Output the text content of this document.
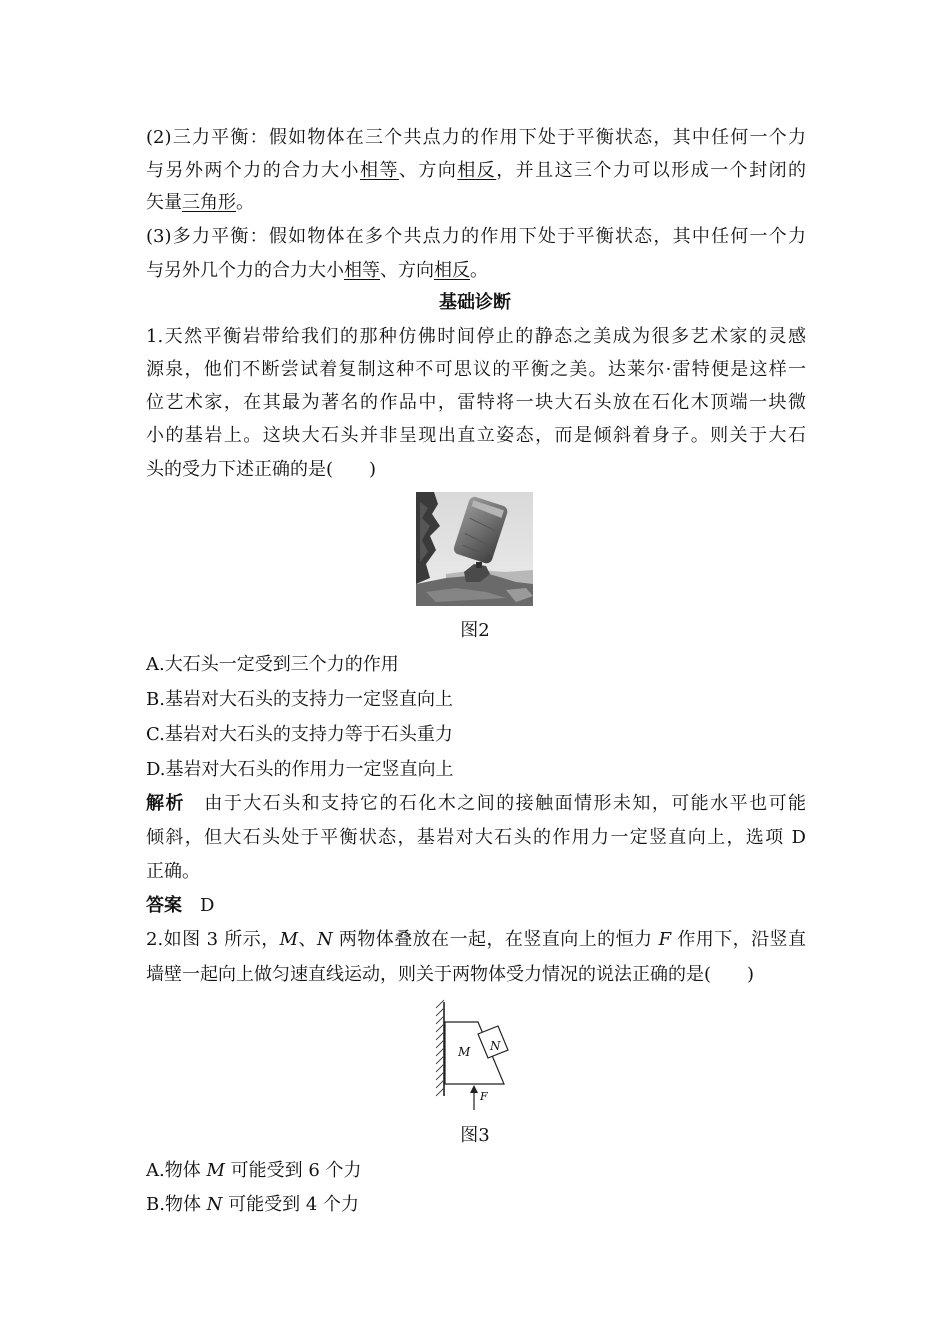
(2)三力平衡：假如物体在三个共点力的作用下处于平衡状态，其中任何一个力
与另外两个力的合力大小相等、方向相反，并且这三个力可以形成一个封闭的
矢量三角形。
(3)多力平衡：假如物体在多个共点力的作用下处于平衡状态，其中任何一个力
与另外几个力的合力大小相等、方向相反。
基础诊断
1.天然平衡岩带给我们的那种仿佛时间停止的静态之美成为很多艺术家的灵感
源泉，他们不断尝试着复制这种不可思议的平衡之美。达莱尔·雷特便是这样一
位艺术家，在其最为著名的作品中，雷特将一块大石头放在石化木顶端一块微
小的基岩上。这块大石头并非呈现出直立姿态，而是倾斜着身子。则关于大石
头的受力下述正确的是(　　)
图2
A.大石头一定受到三个力的作用
B.基岩对大石头的支持力一定竖直向上
C.基岩对大石头的支持力等于石头重力
D.基岩对大石头的作用力一定竖直向上
解析　 由于大石头和支持它的石化木之间的接触面情形未知，可能水平也可能
倾斜，但大石头处于平衡状态，基岩对大石头的作用力一定竖直向上，选项 D
正确。
答案　 D
2.如图 3 所示，M、N 两物体叠放在一起，在竖直向上的恒力 F 作用下，沿竖直
墙壁一起向上做匀速直线运动，则关于两物体受力情况的说法正确的是(　　)
M N
F
图3
A.物体 M 可能受到 6 个力
B.物体 N 可能受到 4 个力
